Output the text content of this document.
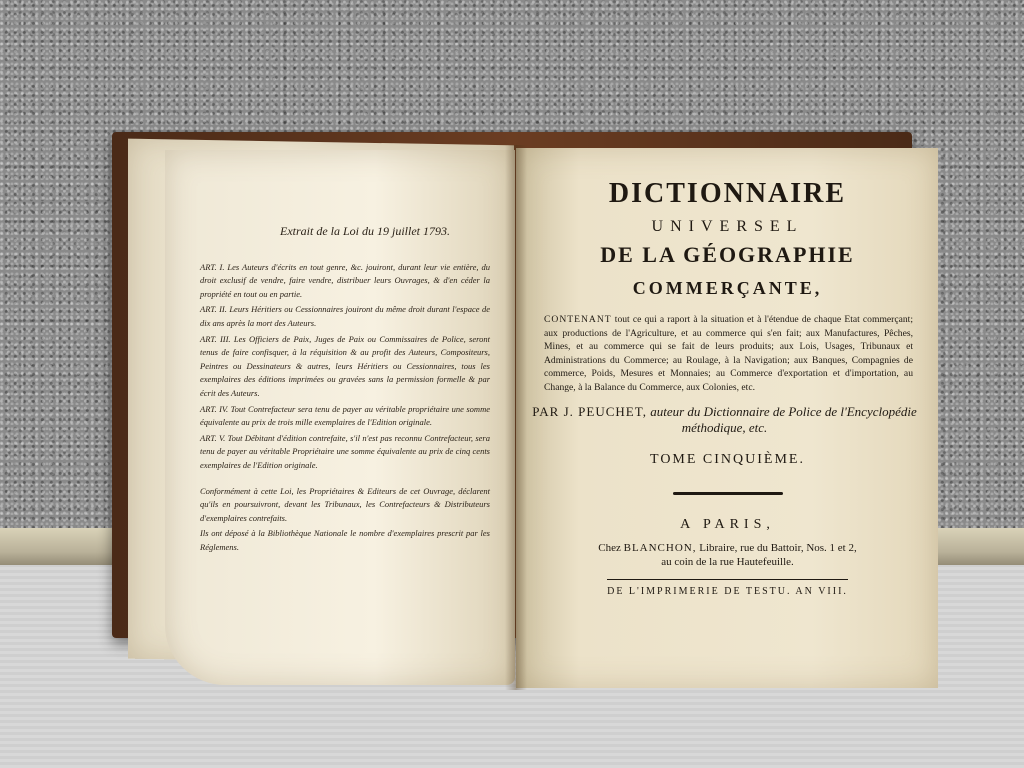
Extrait de la Loi du 19 juillet 1793.

ART. I. Les Auteurs d'écrits en tout genre, &c. jouiront, durant leur vie entière, du droit exclusif de vendre, faire vendre, distribuer leurs Ouvrages, & d'en céder la propriété en tout ou en partie.

ART. II. Leurs Héritiers ou Cessionnaires jouiront du même droit durant l'espace de dix ans après la mort des Auteurs.

ART. III. Les Officiers de Paix, Juges de Paix ou Commissaires de Police, seront tenus de faire confisquer, à la réquisition & au profit des Auteurs, Compositeurs, Peintres ou Dessinateurs & autres, leurs Héritiers ou Cessionnaires, tous les exemplaires des éditions imprimées ou gravées sans la permission formelle & par écrit des Auteurs.

ART. IV. Tout Contrefacteur sera tenu de payer au véritable propriétaire une somme équivalente au prix de trois mille exemplaires de l'Edition originale.

ART. V. Tout Débitant d'édition contrefaite, s'il n'est pas reconnu Contrefacteur, sera tenu de payer au véritable Propriétaire une somme équivalente au prix de cinq cents exemplaires de l'Edition originale.

Conformément à cette Loi, les Propriétaires & Editeurs de cet Ouvrage, déclarent qu'ils en poursuivront, devant les Tribunaux, les Contrefacteurs & Distributeurs d'exemplaires contrefaits.

Ils ont déposé à la Bibliothèque Nationale le nombre d'exemplaires prescrit par les Réglemens.

DICTIONNAIRE
UNIVERSEL
DE LA GÉOGRAPHIE
COMMERÇANTE,
CONTENANT tout ce qui a raport à la situation et à l'étendue de chaque Etat commerçant; aux productions de l'Agriculture, et au commerce qui s'en fait; aux Manufactures, Pêches, Mines, et au commerce qui se fait de leurs produits; aux Lois, Usages, Tribunaux et Administrations du Commerce; au Roulage, à la Navigation; aux Banques, Compagnies de commerce, Poids, Mesures et Monnaies; au Commerce d'exportation et d'importation, au Change, à la Balance du Commerce, aux Colonies, etc.
PAR J. PEUCHET, auteur du Dictionnaire de Police de l'Encyclopédie méthodique, etc.
TOME CINQUIÈME.
A PARIS,
Chez BLANCHON, Libraire, rue du Battoir, Nos. 1 et 2,
au coin de la rue Hautefeuille.
DE L'IMPRIMERIE DE TESTU. AN VIII.
